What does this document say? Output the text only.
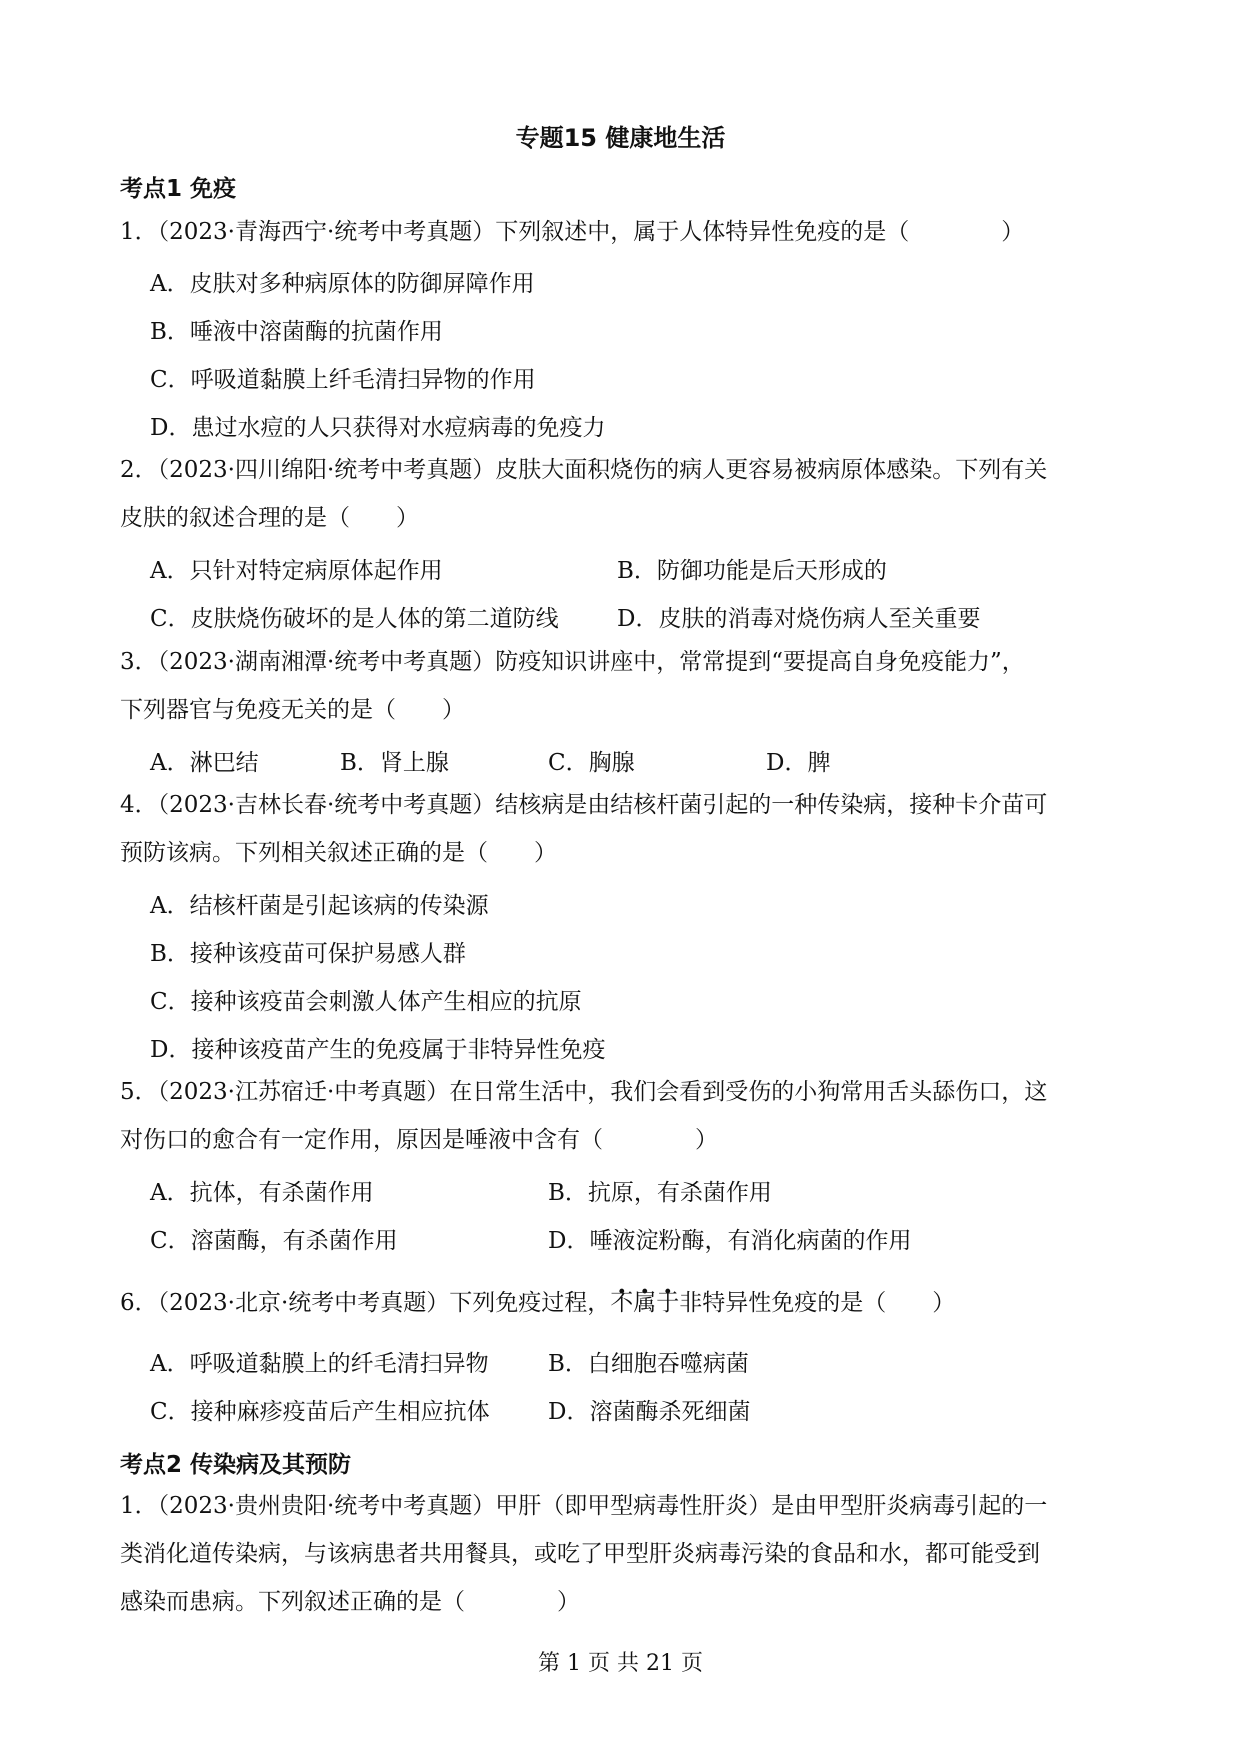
专题15 健康地生活
考点1 免疫

1．（2023·青海西宁·统考中考真题）下列叙述中，属于人体特异性免疫的是（　　　　）

A．皮肤对多种病原体的防御屏障作用
B．唾液中溶菌酶的抗菌作用
C．呼吸道黏膜上纤毛清扫异物的作用
D．患过水痘的人只获得对水痘病毒的免疫力

2．（2023·四川绵阳·统考中考真题）皮肤大面积烧伤的病人更容易被病原体感染。下列有关

皮肤的叙述合理的是（　　）

A．只针对特定病原体起作用	B．防御功能是后天形成的
C．皮肤烧伤破坏的是人体的第二道防线	D．皮肤的消毒对烧伤病人至关重要

3．（2023·湖南湘潭·统考中考真题）防疫知识讲座中，常常提到“要提高自身免疫能力”，

下列器官与免疫无关的是（　　）

A．淋巴结	B．肾上腺	C．胸腺	D．脾

4．（2023·吉林长春·统考中考真题）结核病是由结核杆菌引起的一种传染病，接种卡介苗可

预防该病。下列相关叙述正确的是（　　）

A．结核杆菌是引起该病的传染源
B．接种该疫苗可保护易感人群
C．接种该疫苗会刺激人体产生相应的抗原
D．接种该疫苗产生的免疫属于非特异性免疫

5．（2023·江苏宿迁·中考真题）在日常生活中，我们会看到受伤的小狗常用舌头舔伤口，这

对伤口的愈合有一定作用，原因是唾液中含有（　　　　）

A．抗体，有杀菌作用	B．抗原，有杀菌作用
C．溶菌酶，有杀菌作用	D．唾液淀粉酶，有消化病菌的作用

6．（2023·北京·统考中考真题）下列免疫过程，不属于非特异性免疫的是（　　）

A．呼吸道黏膜上的纤毛清扫异物	B．白细胞吞噬病菌
C．接种麻疹疫苗后产生相应抗体	D．溶菌酶杀死细菌
考点2 传染病及其预防

1．（2023·贵州贵阳·统考中考真题）甲肝（即甲型病毒性肝炎）是由甲型肝炎病毒引起的一

类消化道传染病，与该病患者共用餐具，或吃了甲型肝炎病毒污染的食品和水，都可能受到

感染而患病。下列叙述正确的是（　　　　）

第 1 页 共 21 页
